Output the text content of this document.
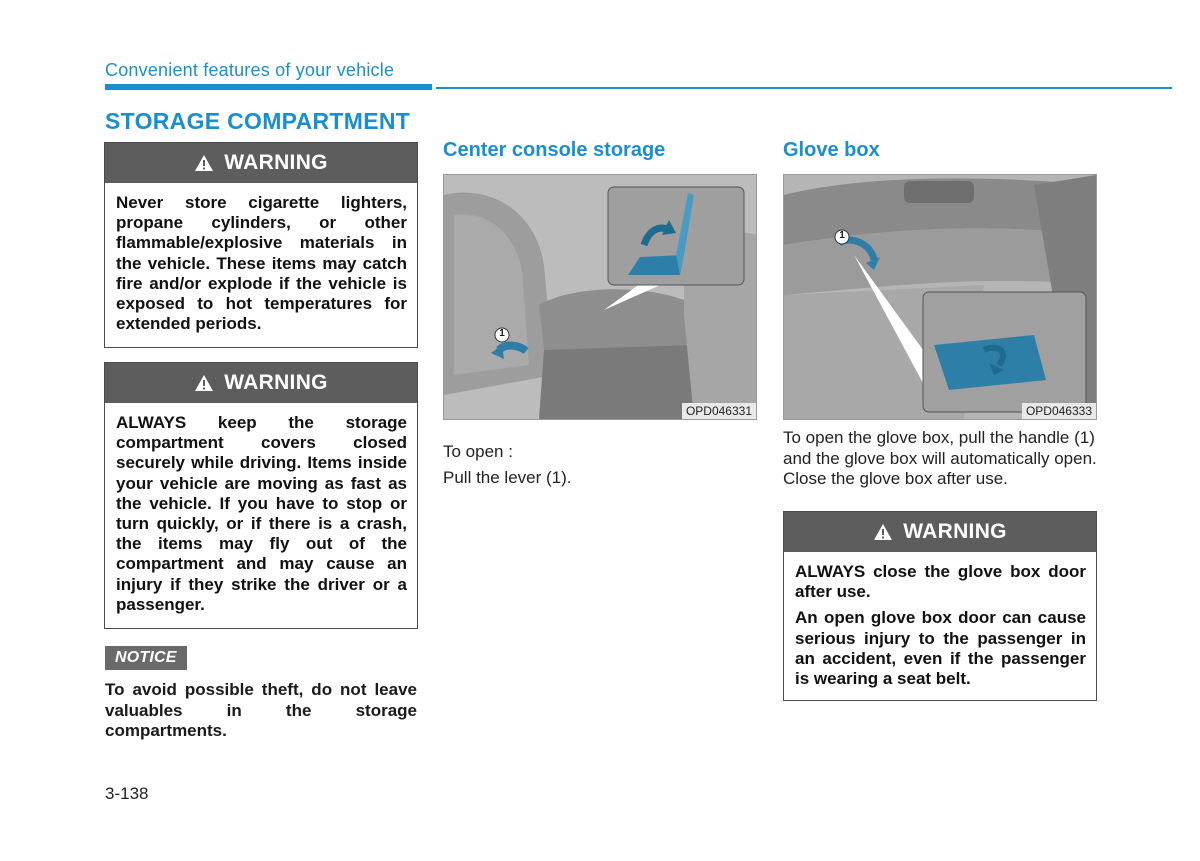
Convenient features of your vehicle
STORAGE COMPARTMENT
WARNING

Never store cigarette lighters, propane cylinders, or other flammable/explosive materials in the vehicle. These items may catch fire and/or explode if the vehicle is exposed to hot temperatures for extended periods.

WARNING

ALWAYS keep the storage compartment covers closed securely while driving. Items inside your vehicle are moving as fast as the vehicle. If you have to stop or turn quickly, or if there is a crash, the items may fly out of the compartment and may cause an injury if they strike the driver or a passenger.

NOTICE
To avoid possible theft, do not leave valuables in the storage compartments.
Center console storage
1
OPD046331
To open :
Pull the lever (1).
Glove box
1
OPD046333
To open the glove box, pull the handle (1) and the glove box will automatically open. Close the glove box after use.
WARNING

ALWAYS close the glove box door after use.

An open glove box door can cause serious injury to the passenger in an accident, even if the passenger is wearing a seat belt.

3-138
